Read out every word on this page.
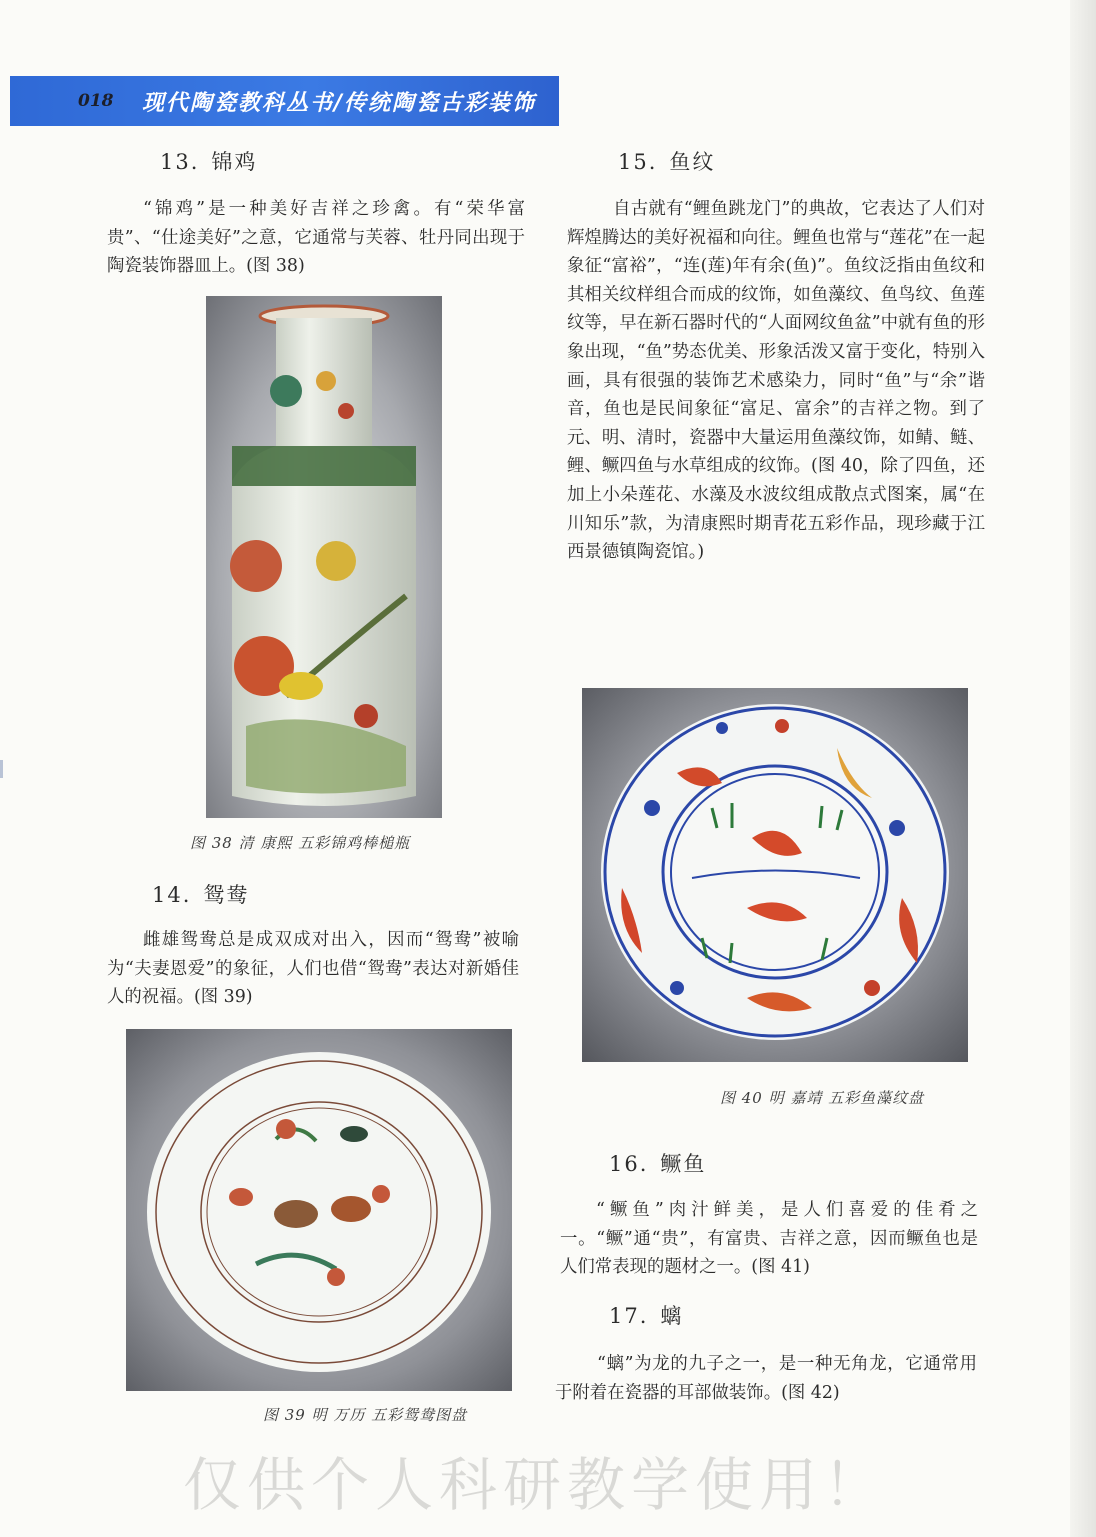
018	现代陶瓷教科丛书/传统陶瓷古彩装饰
13. 锦鸡

“锦鸡”是一种美好吉祥之珍禽。有“荣华富贵”、“仕途美好”之意，它通常与芙蓉、牡丹同出现于陶瓷装饰器皿上。(图 38)

图 38 清 康熙 五彩锦鸡棒槌瓶
14. 鸳鸯

雌雄鸳鸯总是成双成对出入，因而“鸳鸯”被喻为“夫妻恩爱”的象征，人们也借“鸳鸯”表达对新婚佳人的祝福。(图 39)

图 39 明 万历 五彩鸳鸯图盘
15. 鱼纹

自古就有“鲤鱼跳龙门”的典故，它表达了人们对辉煌腾达的美好祝福和向往。鲤鱼也常与“莲花”在一起象征“富裕”，“连(莲)年有余(鱼)”。鱼纹泛指由鱼纹和其相关纹样组合而成的纹饰，如鱼藻纹、鱼鸟纹、鱼莲纹等，早在新石器时代的“人面网纹鱼盆”中就有鱼的形象出现，“鱼”势态优美、形象活泼又富于变化，特别入画，具有很强的装饰艺术感染力，同时“鱼”与“余”谐音，鱼也是民间象征“富足、富余”的吉祥之物。到了元、明、清时，瓷器中大量运用鱼藻纹饰，如鲭、鲢、鲤、鳜四鱼与水草组成的纹饰。(图 40，除了四鱼，还加上小朵莲花、水藻及水波纹组成散点式图案，属“在川知乐”款，为清康熙时期青花五彩作品，现珍藏于江西景德镇陶瓷馆。)

图 40 明 嘉靖 五彩鱼藻纹盘
16. 鳜鱼

“鳜鱼”肉汁鲜美，是人们喜爱的佳肴之一。“鳜”通“贵”，有富贵、吉祥之意，因而鳜鱼也是人们常表现的题材之一。(图 41)

17. 螭

“螭”为龙的九子之一，是一种无角龙，它通常用于附着在瓷器的耳部做装饰。(图 42)

仅供个人科研教学使用！
